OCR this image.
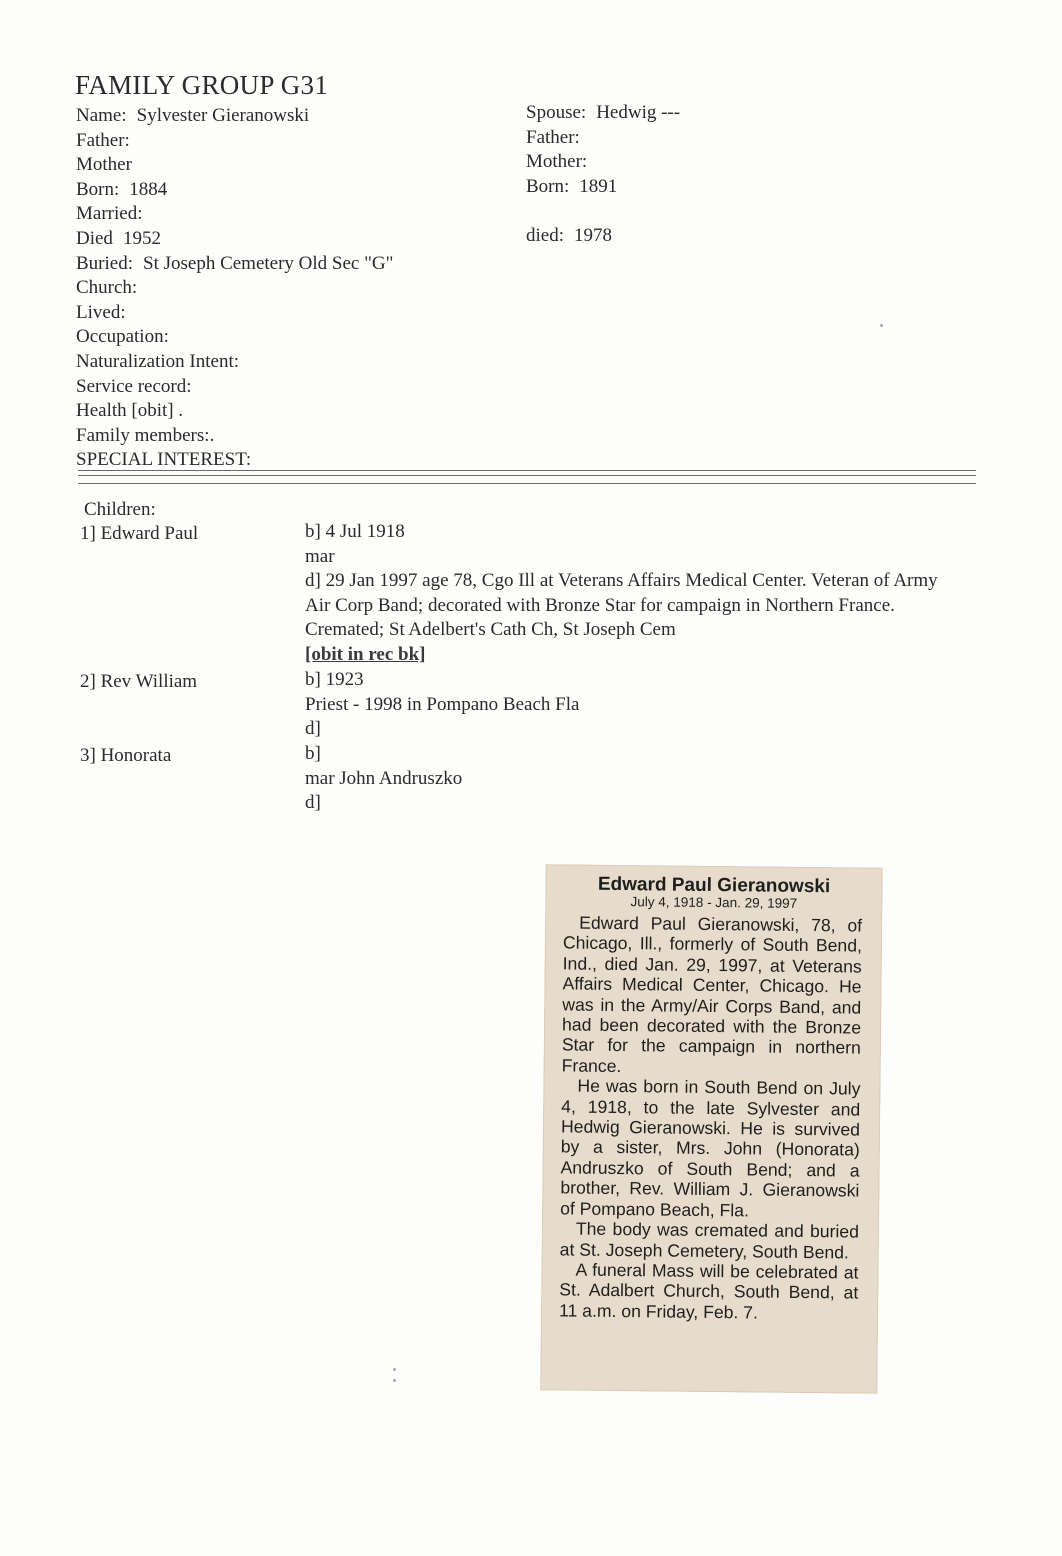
FAMILY GROUP G31
Name: Sylvester Gieranowski
Father:
Mother
Born: 1884
Married:
Died 1952
Buried: St Joseph Cemetery Old Sec "G"
Church:
Lived:
Occupation:
Naturalization Intent:
Service record:
Health [obit] .
Family members:.
SPECIAL INTEREST:
Spouse: Hedwig ---
Father:
Mother:
Born: 1891
died: 1978
Children:
1] Edward Paul	b] 4 Jul 1918
mar
d] 29 Jan 1997 age 78, Cgo Ill at Veterans Affairs Medical Center. Veteran of Army Air Corp Band; decorated with Bronze Star for campaign in Northern France. Cremated; St Adelbert's Cath Ch, St Joseph Cem
[obit in rec bk]
2] Rev William	b] 1923
Priest - 1998 in Pompano Beach Fla
d]
3] Honorata	b]
mar John Andruszko
d]
Edward Paul Gieranowski
July 4, 1918 - Jan. 29, 1997

Edward Paul Gieranowski, 78, of Chicago, Ill., formerly of South Bend, Ind., died Jan. 29, 1997, at Veterans Affairs Medical Center, Chicago. He was in the Army/Air Corps Band, and had been decorated with the Bronze Star for the campaign in northern France.

He was born in South Bend on July 4, 1918, to the late Sylvester and Hedwig Gieranowski. He is survived by a sister, Mrs. John (Honorata) Andruszko of South Bend; and a brother, Rev. William J. Gieranowski of Pompano Beach, Fla.

The body was cremated and buried at St. Joseph Cemetery, South Bend.

A funeral Mass will be celebrated at St. Adalbert Church, South Bend, at 11 a.m. on Friday, Feb. 7.
